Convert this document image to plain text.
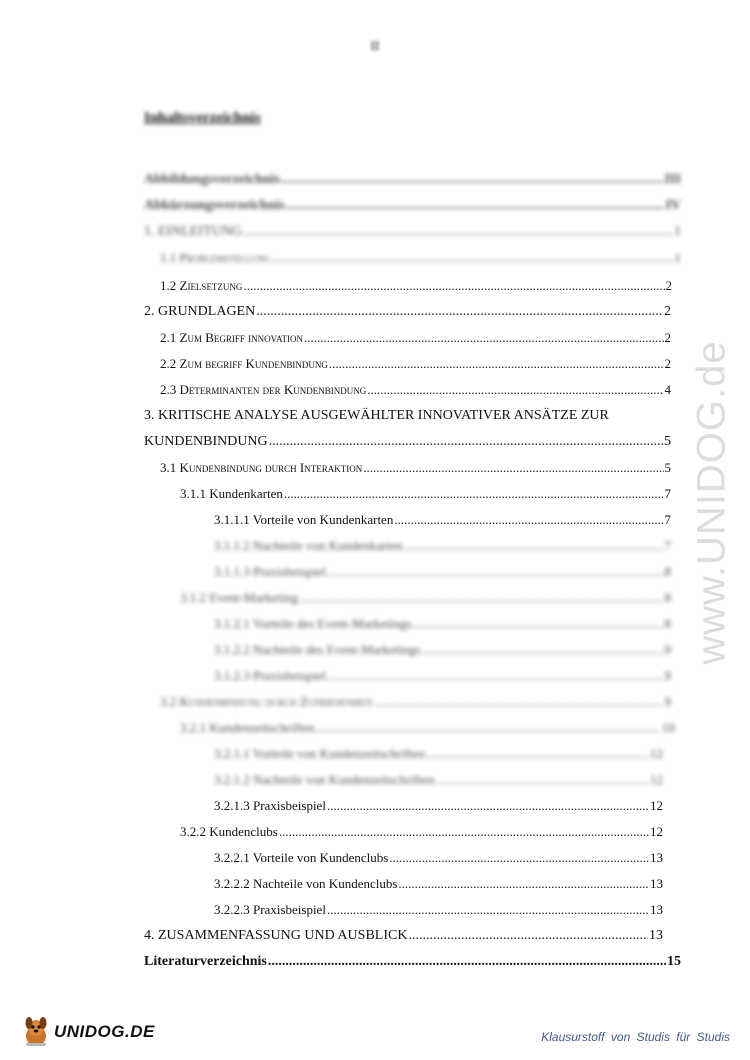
II
Inhaltsverzeichnis
Abbildungsverzeichnis .....	III
Abkürzungsverzeichnis .....	IV
1. EINLEITUNG .....	1
1.1 Problemstellung .....	1
1.2 Zielsetzung .....	2
2. GRUNDLAGEN .....	2
2.1 Zum Begriff innovation .....	2
2.2 Zum begriff Kundenbindung .....	2
2.3 Determinanten der Kundenbindung .....	4
3. KRITISCHE ANALYSE AUSGEWÄHLTER INNOVATIVER ANSÄTZE ZUR
KUNDENBINDUNG .....	5
3.1 Kundenbindung durch Interaktion .....	5
3.1.1 Kundenkarten .....	7
3.1.1.1 Vorteile von Kundenkarten .....	7
3.1.1.2 Nachteile von Kundenkarten .....	7
3.1.1.3 Praxisbeispiel .....	8
3.1.2 Event-Marketing .....	8
3.1.2.1 Vorteile des Event-Marketings .....	8
3.1.2.2 Nachteile des Event-Marketings .....	9
3.1.2.3 Praxisbeispiel .....	9
3.2 Kundenbindung durch Zufriedenheit .....	9
3.2.1 Kundenzeitschriften .....	10
3.2.1.1 Vorteile von Kundenzeitschriften .....	12
3.2.1.2 Nachteile von Kundenzeitschriften .....	12
3.2.1.3 Praxisbeispiel .....	12
3.2.2 Kundenclubs .....	12
3.2.2.1 Vorteile von Kundenclubs .....	13
3.2.2.2 Nachteile von Kundenclubs .....	13
3.2.2.3 Praxisbeispiel .....	13
4. ZUSAMMENFASSUNG UND AUSBLICK .....	13
Literaturverzeichnis .....	15
www.UNIDOG.de
UNIDOG.DE	Klausurstoff von Studis für Studis
